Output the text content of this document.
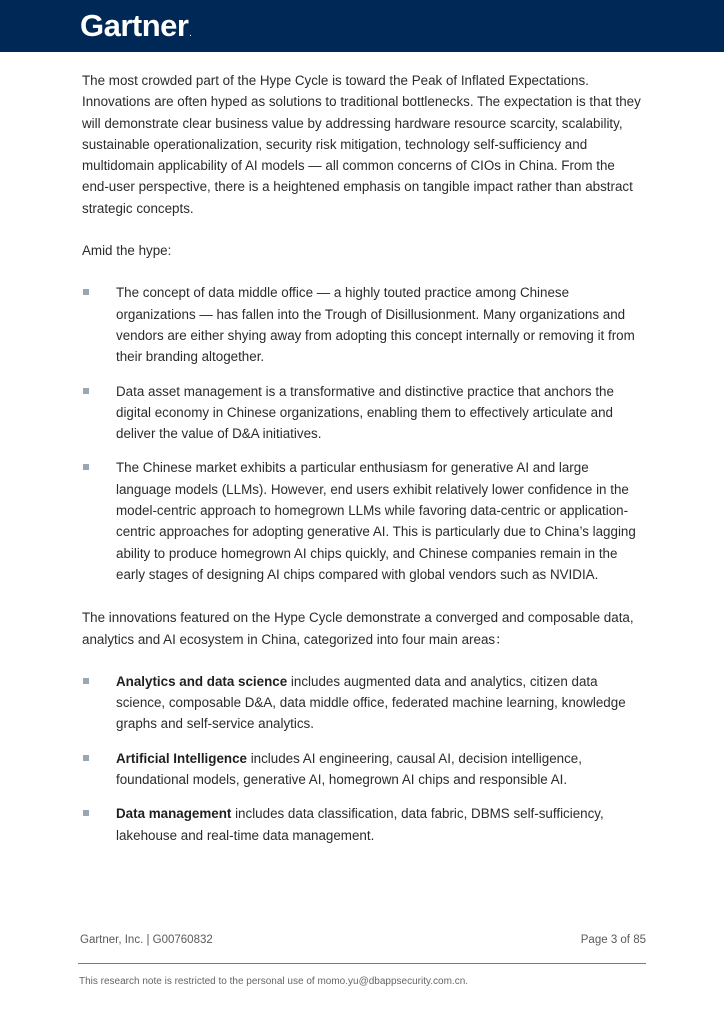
Gartner.

The most crowded part of the Hype Cycle is toward the Peak of Inflated Expectations. Innovations are often hyped as solutions to traditional bottlenecks. The expectation is that they will demonstrate clear business value by addressing hardware resource scarcity, scalability, sustainable operationalization, security risk mitigation, technology self-sufficiency and multidomain applicability of AI models — all common concerns of CIOs in China. From the end-user perspective, there is a heightened emphasis on tangible impact rather than abstract strategic concepts.

Amid the hype:

The concept of data middle office — a highly touted practice among Chinese organizations — has fallen into the Trough of Disillusionment. Many organizations and vendors are either shying away from adopting this concept internally or removing it from their branding altogether.
Data asset management is a transformative and distinctive practice that anchors the digital economy in Chinese organizations, enabling them to effectively articulate and deliver the value of D&A initiatives.
The Chinese market exhibits a particular enthusiasm for generative AI and large language models (LLMs). However, end users exhibit relatively lower confidence in the model-centric approach to homegrown LLMs while favoring data-centric or application-centric approaches for adopting generative AI. This is particularly due to China’s lagging ability to produce homegrown AI chips quickly, and Chinese companies remain in the early stages of designing AI chips compared with global vendors such as NVIDIA.

The innovations featured on the Hype Cycle demonstrate a converged and composable data, analytics and AI ecosystem in China, categorized into four main areas：

Analytics and data science includes augmented data and analytics, citizen data science, composable D&A, data middle office, federated machine learning, knowledge graphs and self-service analytics.
Artificial Intelligence includes AI engineering, causal AI, decision intelligence, foundational models, generative AI, homegrown AI chips and responsible AI.
Data management includes data classification, data fabric, DBMS self-sufficiency, lakehouse and real-time data management.
Gartner, Inc. | G00760832	Page 3 of 85
This research note is restricted to the personal use of momo.yu@dbappsecurity.com.cn.
